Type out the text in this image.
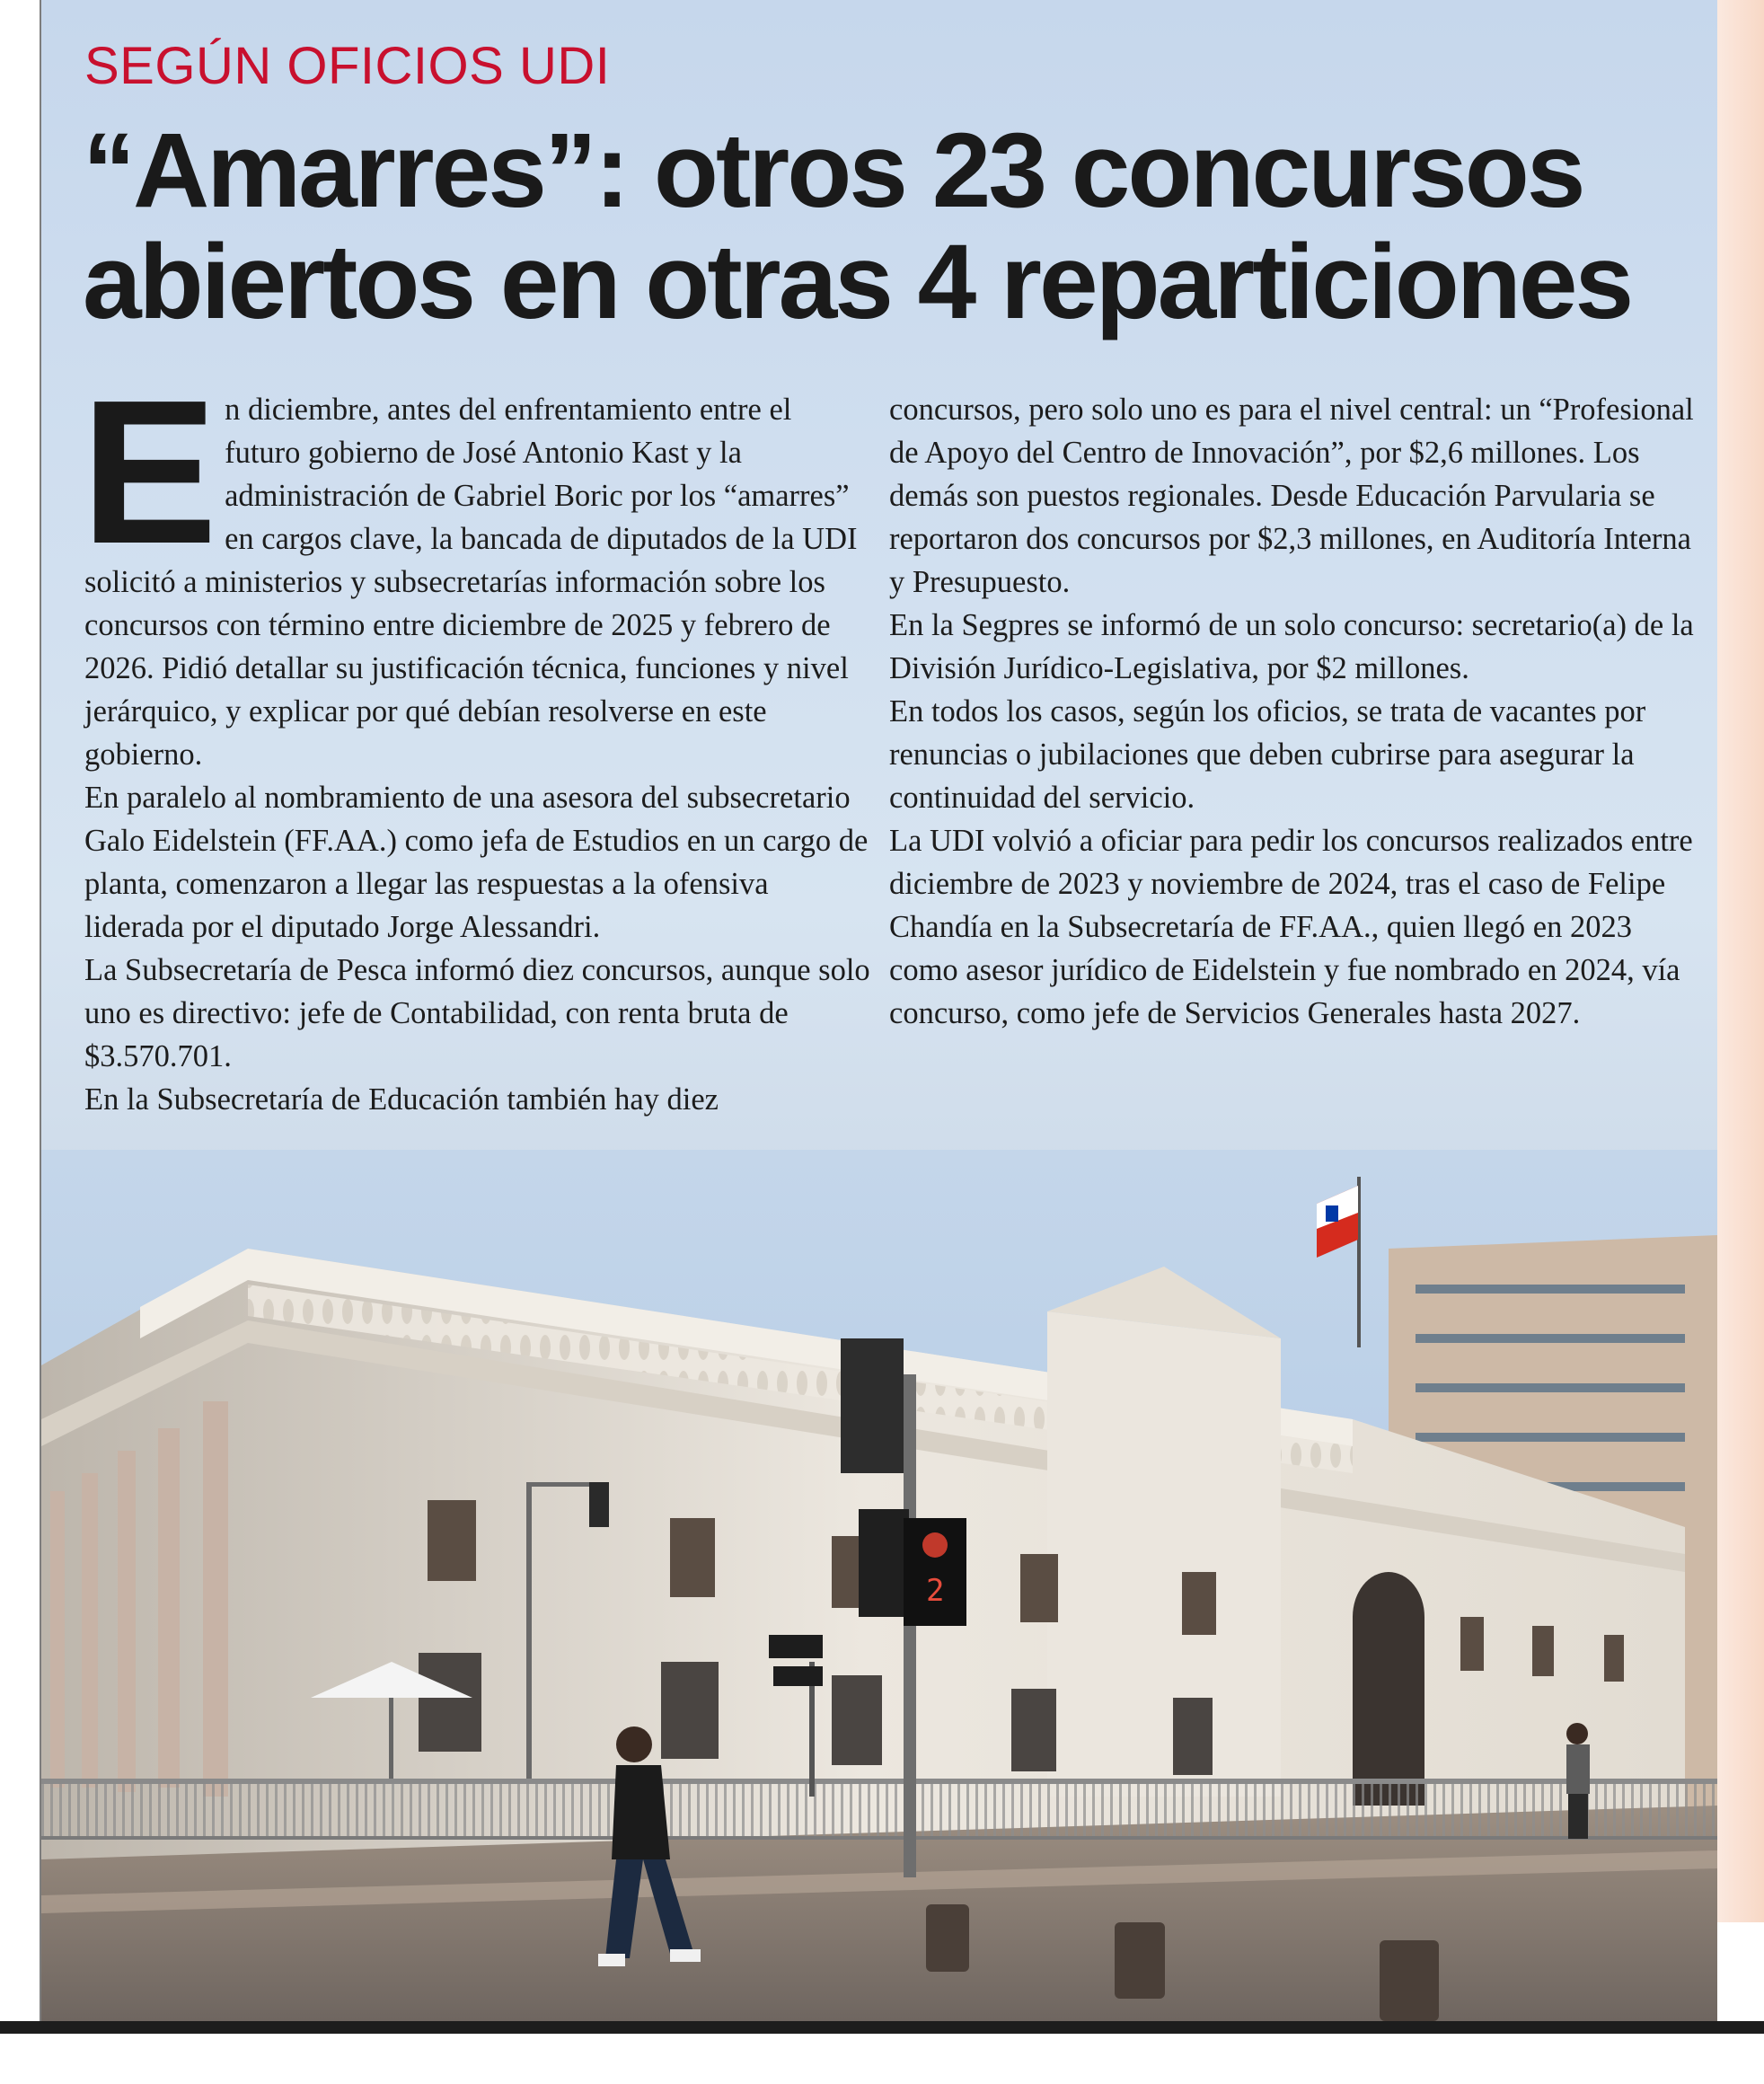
SEGÚN OFICIOS UDI
“Amarres”: otros 23 concursos
abiertos en otras 4 reparticiones

En diciembre, antes del enfrentamiento entre el futuro gobierno de José Antonio Kast y la administración de Gabriel Boric por los “amarres” en cargos clave, la bancada de diputados de la UDI solicitó a ministerios y subsecretarías información sobre los concursos con término entre diciembre de 2025 y febrero de 2026. Pidió detallar su justificación técnica, funciones y nivel jerárquico, y explicar por qué debían resolverse en este gobierno.

En paralelo al nombramiento de una asesora del subsecretario Galo Eidelstein (FF.AA.) como jefa de Estudios en un cargo de planta, comenzaron a llegar las respuestas a la ofensiva liderada por el diputado Jorge Alessandri.

La Subsecretaría de Pesca informó diez concursos, aunque solo uno es directivo: jefe de Contabilidad, con renta bruta de $3.570.701.

En la Subsecretaría de Educación también hay diez

concursos, pero solo uno es para el nivel central: un “Profesional de Apoyo del Centro de Innovación”, por $2,6 millones. Los demás son puestos regionales. Desde Educación Parvularia se reportaron dos concursos por $2,3 millones, en Auditoría Interna y Presupuesto.

En la Segpres se informó de un solo concurso: secretario(a) de la División Jurídico-Legislativa, por $2 millones.

En todos los casos, según los oficios, se trata de vacantes por renuncias o jubilaciones que deben cubrirse para asegurar la continuidad del servicio.

La UDI volvió a oficiar para pedir los concursos realizados entre diciembre de 2023 y noviembre de 2024, tras el caso de Felipe Chandía en la Subsecretaría de FF.AA., quien llegó en 2023 como asesor jurídico de Eidelstein y fue nombrado en 2024, vía concurso, como jefe de Servicios Generales hasta 2027.

2
